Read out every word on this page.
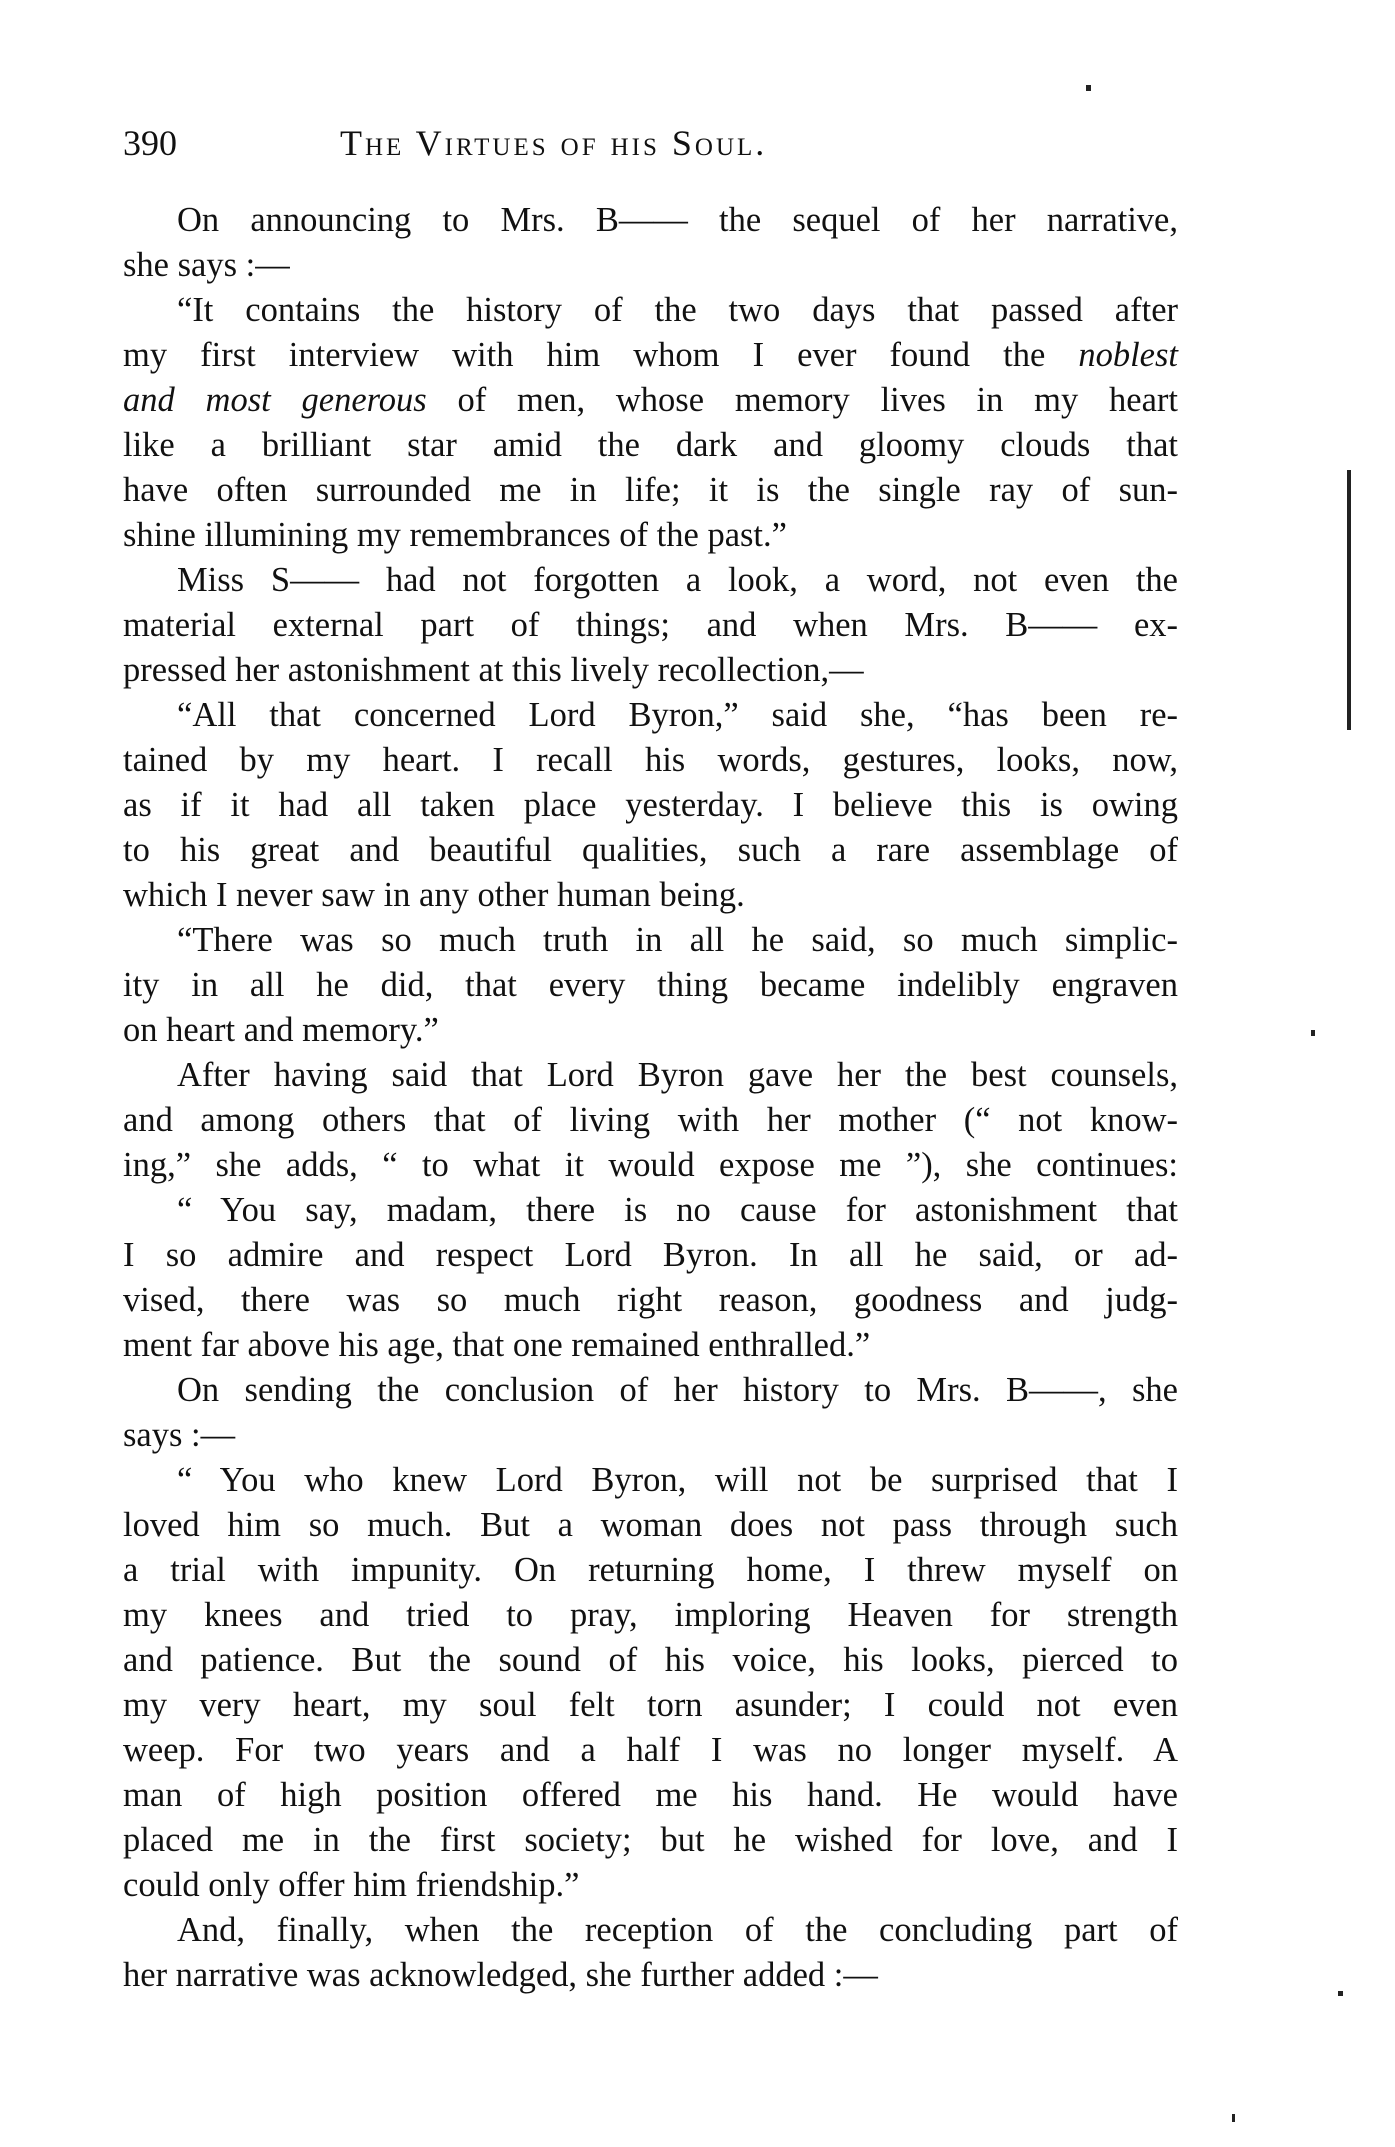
390	The Virtues of his Soul.
On announcing to Mrs. B—— the sequel of her narrative,
she says :—
“It contains the history of the two days that passed after
my first interview with him whom I ever found the noblest
and most generous of men, whose memory lives in my heart
like a brilliant star amid the dark and gloomy clouds that
have often surrounded me in life; it is the single ray of sun-
shine illumining my remembrances of the past.”
Miss S—— had not forgotten a look, a word, not even the
material external part of things; and when Mrs. B—— ex-
pressed her astonishment at this lively recollection,—
“All that concerned Lord Byron,” said she, “has been re-
tained by my heart. I recall his words, gestures, looks, now,
as if it had all taken place yesterday. I believe this is owing
to his great and beautiful qualities, such a rare assemblage of
which I never saw in any other human being.
“There was so much truth in all he said, so much simplic-
ity in all he did, that every thing became indelibly engraven
on heart and memory.”
After having said that Lord Byron gave her the best counsels,
and among others that of living with her mother (“ not know-
ing,” she adds, “ to what it would expose me ”), she continues:
“ You say, madam, there is no cause for astonishment that
I so admire and respect Lord Byron. In all he said, or ad-
vised, there was so much right reason, goodness and judg-
ment far above his age, that one remained enthralled.”
On sending the conclusion of her history to Mrs. B——, she
says :—
“ You who knew Lord Byron, will not be surprised that I
loved him so much. But a woman does not pass through such
a trial with impunity. On returning home, I threw myself on
my knees and tried to pray, imploring Heaven for strength
and patience. But the sound of his voice, his looks, pierced to
my very heart, my soul felt torn asunder; I could not even
weep. For two years and a half I was no longer myself. A
man of high position offered me his hand. He would have
placed me in the first society; but he wished for love, and I
could only offer him friendship.”
And, finally, when the reception of the concluding part of
her narrative was acknowledged, she further added :—
